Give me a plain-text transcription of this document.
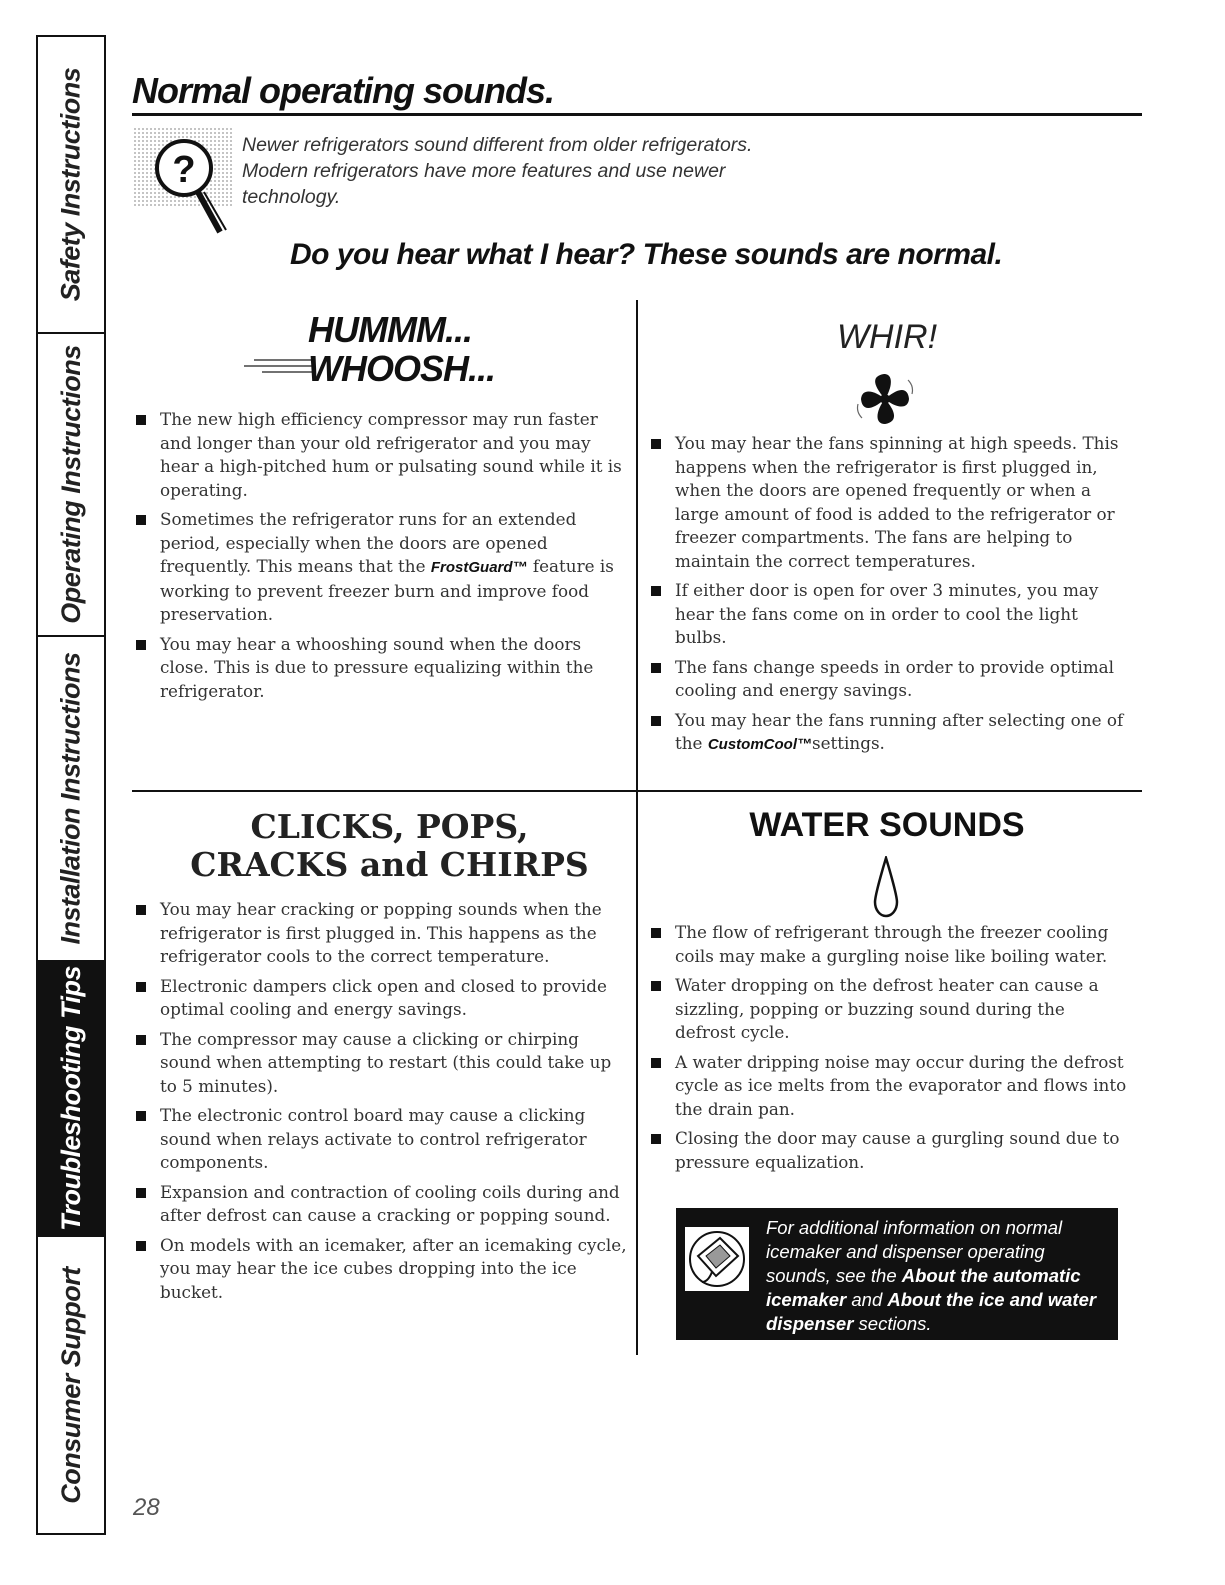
Safety Instructions
Operating Instructions
Installation Instructions
Troubleshooting Tips
Consumer Support
Normal operating sounds.
?
Newer refrigerators sound different from older refrigerators.
Modern refrigerators have more features and use newer
technology.
Do you hear what I hear? These sounds are normal.
HUMMM...
WHOOSH...
The new high efficiency compressor may run faster and longer than your old refrigerator and you may hear a high-pitched hum or pulsating sound while it is operating.
Sometimes the refrigerator runs for an extended period, especially when the doors are opened frequently. This means that the FrostGuard™ feature is working to prevent freezer burn and improve food preservation.
You may hear a whooshing sound when the doors close. This is due to pressure equalizing within the refrigerator.
WHIR!
You may hear the fans spinning at high speeds. This happens when the refrigerator is first plugged in, when the doors are opened frequently or when a large amount of food is added to the refrigerator or freezer compartments. The fans are helping to maintain the correct temperatures.
If either door is open for over 3 minutes, you may hear the fans come on in order to cool the light bulbs.
The fans change speeds in order to provide optimal cooling and energy savings.
You may hear the fans running after selecting one of the CustomCool™settings.
CLICKS, POPS,
CRACKS and CHIRPS
You may hear cracking or popping sounds when the refrigerator is first plugged in. This happens as the refrigerator cools to the correct temperature.
Electronic dampers click open and closed to provide optimal cooling and energy savings.
The compressor may cause a clicking or chirping sound when attempting to restart (this could take up to 5 minutes).
The electronic control board may cause a clicking sound when relays activate to control refrigerator components.
Expansion and contraction of cooling coils during and after defrost can cause a cracking or popping sound.
On models with an icemaker, after an icemaking cycle, you may hear the ice cubes dropping into the ice bucket.
WATER SOUNDS
The flow of refrigerant through the freezer cooling coils may make a gurgling noise like boiling water.
Water dropping on the defrost heater can cause a sizzling, popping or buzzing sound during the defrost cycle.
A water dripping noise may occur during the defrost cycle as ice melts from the evaporator and flows into the drain pan.
Closing the door may cause a gurgling sound due to pressure equalization.
For additional information on normal icemaker and dispenser operating sounds, see the About the automatic icemaker and About the ice and water dispenser sections.
28
